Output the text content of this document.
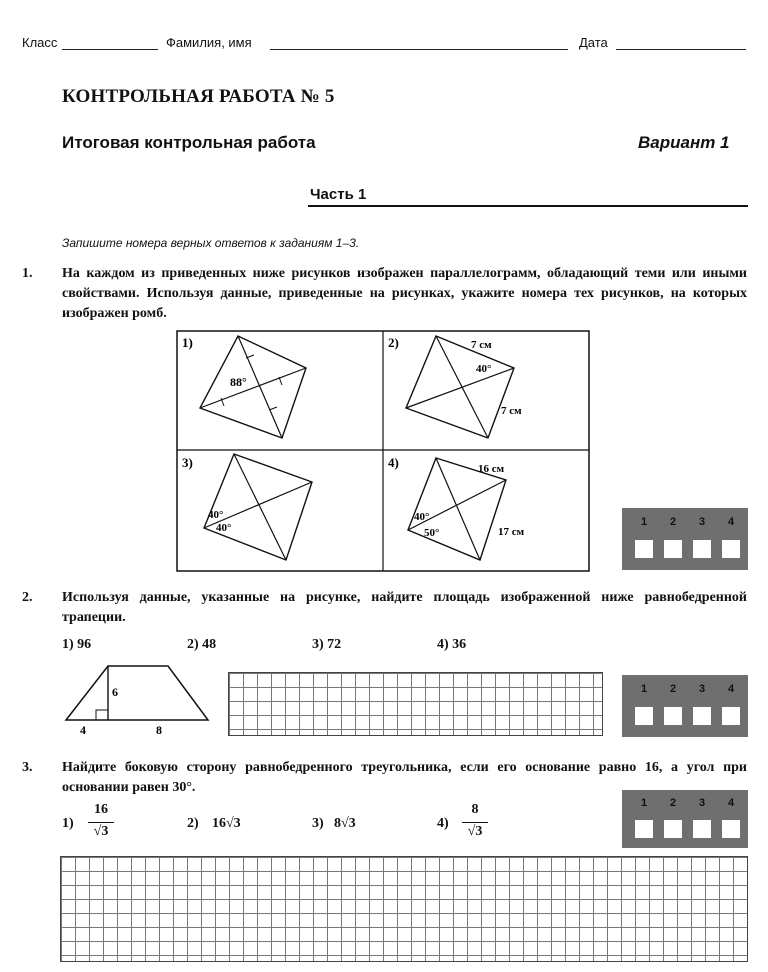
Класс	Фамилия, имя	Дата
КОНТРОЛЬНАЯ РАБОТА № 5
Итоговая контрольная работа	Вариант 1
Часть 1
Запишите номера верных ответов к заданиям 1–3.
1. На каждом из приведенных ниже рисунков изображен параллелограмм, обладающий теми или иными свойствами. Используя данные, приведенные на рисунках, укажите номера тех рисунков, на которых изображен ромб.
1)
88°
2)	7 см
40°
7 см
3)
40°
40°
4)	16 см
40°
50°	17 см
1	2	3	4
2. Используя данные, указанные на рисунке, найдите площадь изображенной ниже равнобедренной трапеции.
1) 96	2) 48	3) 72	4) 36
6
4	8
1	2	3	4
3. Найдите боковую сторону равнобедренного треугольника, если его основание равно 16, а угол при основании равен 30°.
1)
16
√3
2) 16√3	3) 8√3	4)
8
√3
1	2	3	4
